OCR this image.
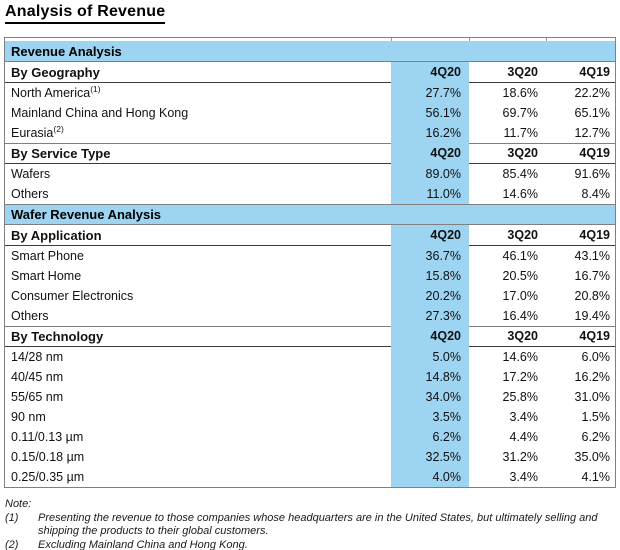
Analysis of Revenue
Revenue Analysis
By Geography	4Q20	3Q20	4Q19
North America$^{(1)}$	27.7%	18.6%	22.2%
Mainland China and Hong Kong	56.1%	69.7%	65.1%
Eurasia$^{(2)}$	16.2%	11.7%	12.7%
By Service Type	4Q20	3Q20	4Q19
Wafers	89.0%	85.4%	91.6%
Others	11.0%	14.6%	8.4%
Wafer Revenue Analysis
By Application	4Q20	3Q20	4Q19
Smart Phone	36.7%	46.1%	43.1%
Smart Home	15.8%	20.5%	16.7%
Consumer Electronics	20.2%	17.0%	20.8%
Others	27.3%	16.4%	19.4%
By Technology	4Q20	3Q20	4Q19
14/28 nm	5.0%	14.6%	6.0%
40/45 nm	14.8%	17.2%	16.2%
55/65 nm	34.0%	25.8%	31.0%
90 nm	3.5%	3.4%	1.5%
0.11/0.13 µm	6.2%	4.4%	6.2%
0.15/0.18 µm	32.5%	31.2%	35.0%
0.25/0.35 µm	4.0%	3.4%	4.1%
Note:
(1)	Presenting the revenue to those companies whose headquarters are in the United States, but ultimately selling and shipping the products to their global customers.
(2)	Excluding Mainland China and Hong Kong.
